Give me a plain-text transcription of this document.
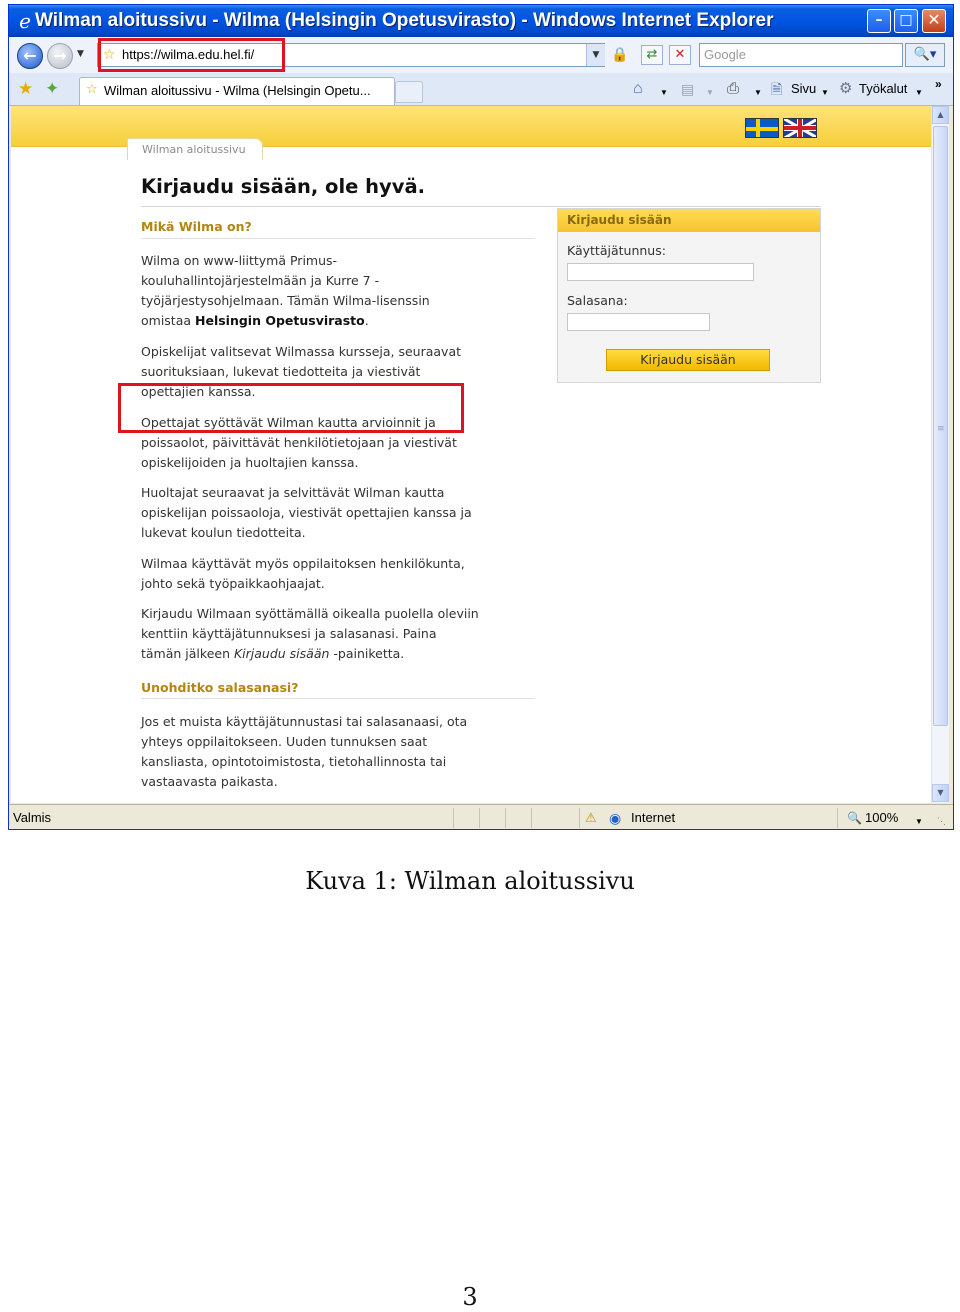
e Wilman aloitussivu - Wilma (Helsingin Opetusvirasto) - Windows Internet Explorer	–	□ ✕
←	→	▼ ☆ https://wilma.edu.hel.fi/	▼ 🔒	⇄	✕	Google	🔍▾
★ ✦ ☆ Wilman aloitussivu - Wilma (Helsingin Opetu...	⌂ ▼ ▤ ▼ ⎙ ▼ 🗎 Sivu ▼ ⚙ Työkalut ▼
»
Wilman aloitussivu
Kirjaudu sisään, ole hyvä.
Mikä Wilma on?
Wilma on www-liittymä Primus-
kouluhallintojärjestelmään ja Kurre 7 -
työjärjestysohjelmaan. Tämän Wilma-lisenssin
omistaa Helsingin Opetusvirasto.
Opiskelijat valitsevat Wilmassa kursseja, seuraavat
suorituksiaan, lukevat tiedotteita ja viestivät
opettajien kanssa.
Opettajat syöttävät Wilman kautta arvioinnit ja
poissaolot, päivittävät henkilötietojaan ja viestivät
opiskelijoiden ja huoltajien kanssa.
Huoltajat seuraavat ja selvittävät Wilman kautta
opiskelijan poissaoloja, viestivät opettajien kanssa ja
lukevat koulun tiedotteita.
Wilmaa käyttävät myös oppilaitoksen henkilökunta,
johto sekä työpaikkaohjaajat.
Kirjaudu Wilmaan syöttämällä oikealla puolella oleviin
kenttiin käyttäjätunnuksesi ja salasanasi. Paina
tämän jälkeen Kirjaudu sisään -painiketta.
Unohditko salasanasi?
Jos et muista käyttäjätunnustasi tai salasanaasi, ota
yhteys oppilaitokseen. Uuden tunnuksen saat
kansliasta, opintotoimistosta, tietohallinnosta tai
vastaavasta paikasta.
Kirjaudu sisään
Käyttäjätunnus:
Salasana:
Kirjaudu sisään
▲
≡
▼
Valmis	⚠ ◉ Internet	🔍 100% ▼ ⋱
Kuva 1: Wilman aloitussivu
3
